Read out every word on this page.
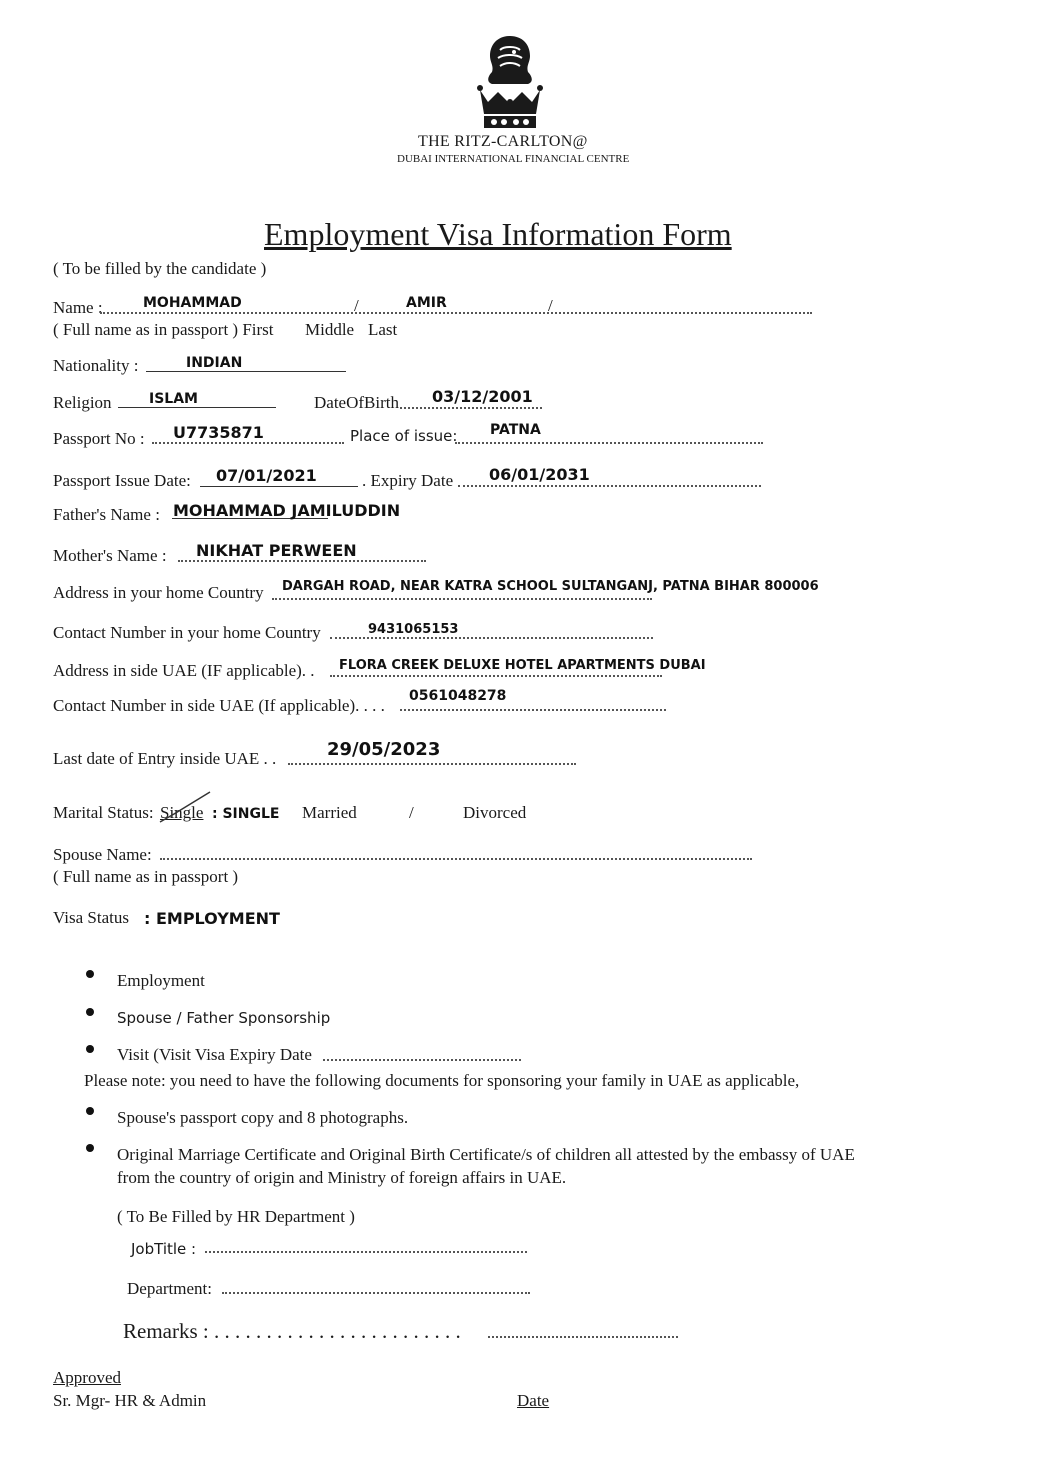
THE RITZ-CARLTON@
DUBAI INTERNATIONAL FINANCIAL CENTRE
Employment Visa Information Form
( To be filled by the candidate )
Name :	MOHAMMAD	/	AMIR	/
( Full name as in passport ) First Middle Last
Nationality :	INDIAN
Religion	ISLAM	DateOfBirth 03/12/2001
Passport No : U7735871	Place of issue: PATNA
Passport Issue Date: 07/01/2021	. Expiry Date 06/01/2031
Father's Name : MOHAMMAD JAMILUDDIN
Mother's Name : NIKHAT PERWEEN
Address in your home Country DARGAH ROAD, NEAR KATRA SCHOOL SULTANGANJ, PATNA BIHAR 800006
Contact Number in your home Country	9431065153
Address in side UAE (IF applicable). . FLORA CREEK DELUXE HOTEL APARTMENTS DUBAI
Contact Number in side UAE (If applicable). . . . 0561048278
Last date of Entry inside UAE . .	29/05/2023
Marital Status: Single : SINGLE Married	/	Divorced
Spouse Name:
( Full name as in passport )
Visa Status : EMPLOYMENT
Employment
Spouse / Father Sponsorship
Visit (Visit Visa Expiry Date
Please note: you need to have the following documents for sponsoring your family in UAE as applicable,
Spouse's passport copy and 8 photographs.
Original Marriage Certificate and Original Birth Certificate/s of children all attested by the embassy of UAE
from the country of origin and Ministry of foreign affairs in UAE.
( To Be Filled by HR Department )
JobTitle :
Department:
Remarks : . . . . . . . . . . . . . . . . . . . . . . . .
Approved
Sr. Mgr- HR & Admin	Date
